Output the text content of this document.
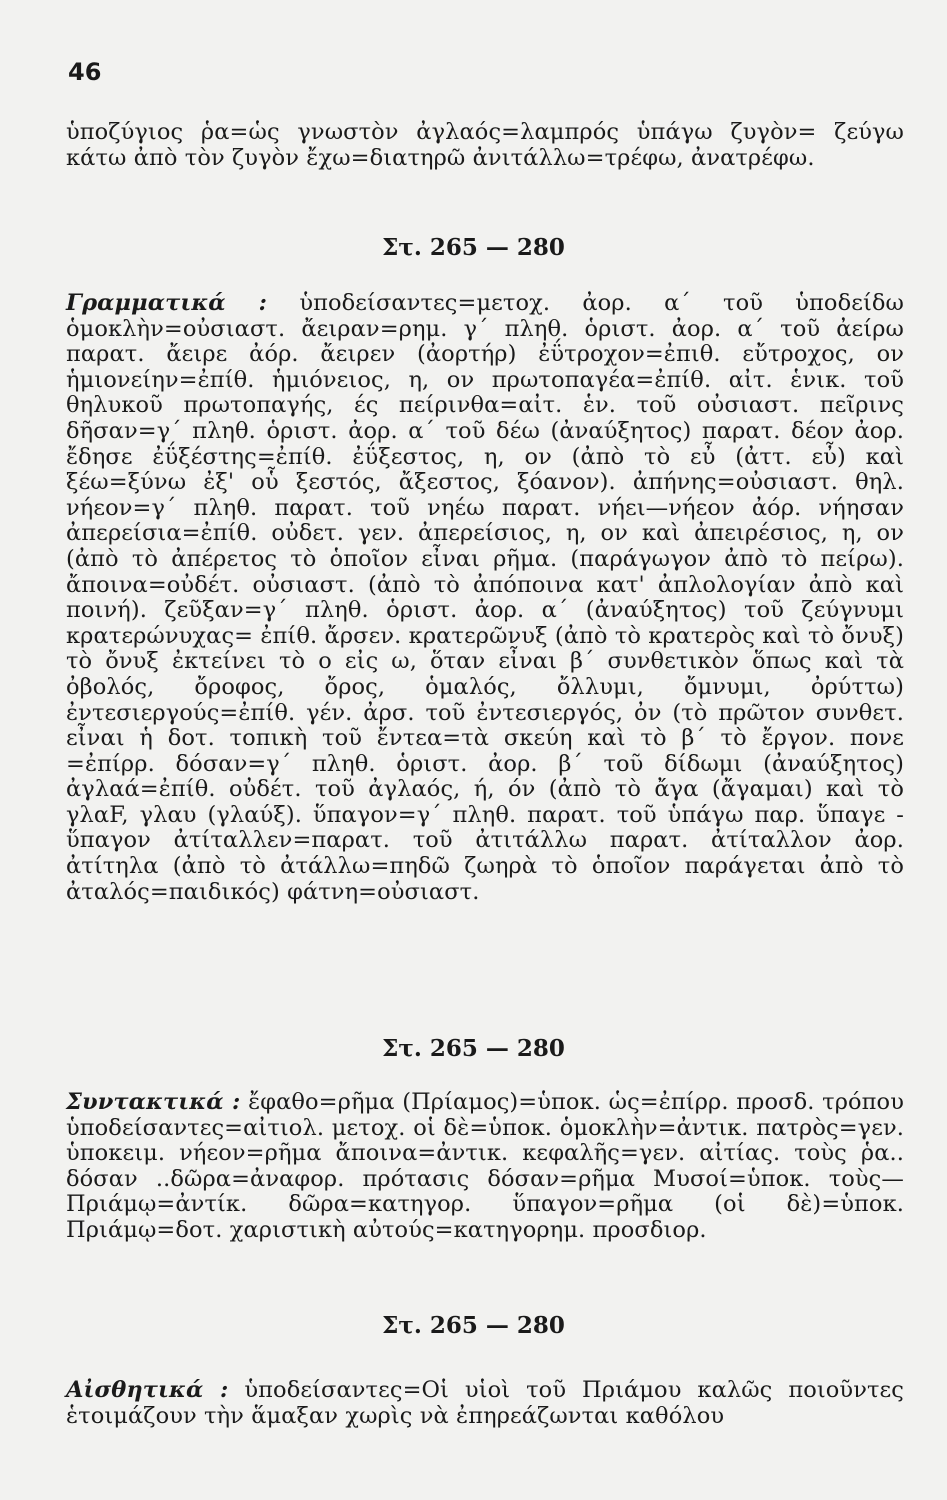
46
ὑποζύγιος ῥα=ὡς γνωστὸν ἀγλαός=λαμπρός ὑπάγω ζυγὸν= ζεύγω κάτω ἀπὸ τὸν ζυγὸν ἔχω=διατηρῶ ἀνιτάλλω=τρέφω, ἀνατρέφω.
Στ. 265 — 280
Γραμματικά : ὑποδείσαντες=μετοχ. ἀορ. α΄ τοῦ ὑποδείδω ὁμοκλὴν=οὐσιαστ. ἄειραν=ρημ. γ΄ πληθ. ὁριστ. ἀορ. α΄ τοῦ ἀείρω παρατ. ἄειρε ἀόρ. ἄειρεν (ἀορτήρ) ἐΰτροχον=ἐπιθ. εὔτροχος, ον ἡμιονείην=ἐπίθ. ἡμιόνειος, η, ον πρωτοπαγέα=ἐπίθ. αἰτ. ἑνικ. τοῦ θηλυκοῦ πρωτοπαγής, ές πείρινθα=αἰτ. ἑν. τοῦ οὐσιαστ. πεῖρινς δῆσαν=γ΄ πληθ. ὁριστ. ἀορ. α΄ τοῦ δέω (ἀναύξητος) παρατ. δέον ἀορ. ἔδησε ἐΰξέστης=ἐπίθ. ἐΰξεστος, η, ον (ἀπὸ τὸ εὖ (ἀττ. εὖ) καὶ ξέω=ξύνω ἐξ' οὗ ξεστός, ἄξεστος, ξόανον). ἀπήνης=οὐσιαστ. θηλ. νήεον=γ΄ πληθ. παρατ. τοῦ νηέω παρατ. νήει—νήεον ἀόρ. νήησαν ἀπερείσια=ἐπίθ. οὐδετ. γεν. ἀπερείσιος, η, ον καὶ ἀπειρέσιος, η, ον (ἀπὸ τὸ ἀπέρετος τὸ ὁποῖον εἶναι ρῆμα. (παράγωγον ἀπὸ τὸ πείρω). ἄποινα=οὐδέτ. οὐσιαστ. (ἀπὸ τὸ ἀπόποινα κατ' ἀπλολογίαν ἀπὸ καὶ ποινή). ζεῦξαν=γ΄ πληθ. ὁριστ. ἀορ. α΄ (ἀναύξητος) τοῦ ζεύγνυμι κρατερώνυχας= ἐπίθ. ἄρσεν. κρατερῶνυξ (ἀπὸ τὸ κρατερὸς καὶ τὸ ὄνυξ) τὸ ὄνυξ ἐκτείνει τὸ ο εἰς ω, ὅταν εἶναι β΄ συνθετικὸν ὅπως καὶ τὰ ὀβολός, ὄροφος, ὄρος, ὁμαλός, ὄλλυμι, ὄμνυμι, ὀρύττω) ἐντεσιεργούς=ἐπίθ. γέν. ἀρσ. τοῦ ἐντεσιεργός, ὀν (τὸ πρῶτον συνθετ. εἶναι ἡ δοτ. τοπικὴ τοῦ ἔντεα=τὰ σκεύη καὶ τὸ β΄ τὸ ἔργον. πονε =ἐπίρρ. δόσαν=γ΄ πληθ. ὁριστ. ἀορ. β΄ τοῦ δίδωμι (ἀναύξητος) ἀγλαά=ἐπίθ. οὐδέτ. τοῦ ἀγλαός, ή, όν (ἀπὸ τὸ ἄγα (ἄγαμαι) καὶ τὸ γλαF, γλαυ (γλαύξ). ὕπαγον=γ΄ πληθ. παρατ. τοῦ ὑπάγω παρ. ὕπαγε - ὕπαγον ἀτίταλλεν=παρατ. τοῦ ἀτιτάλλω παρατ. ἀτίταλλον ἀορ. ἀτίτηλα (ἀπὸ τὸ ἀτάλλω=πηδῶ ζωηρὰ τὸ ὁποῖον παράγεται ἀπὸ τὸ ἀταλός=παιδικός) φάτνη=οὐσιαστ.
Στ. 265 — 280
Συντακτικά : ἔφαθο=ρῆμα (Πρίαμος)=ὑποκ. ὡς=ἐπίρρ. προσδ. τρόπου ὑποδείσαντες=αἰτιολ. μετοχ. οἱ δὲ=ὑποκ. ὁμοκλὴν=ἀντικ. πατρὸς=γεν. ὑποκειμ. νήεον=ρῆμα ἄποινα=ἀντικ. κεφαλῆς=γεν. αἰτίας. τοὺς ῥα.. δόσαν ..δῶρα=ἀναφορ. πρότασις δόσαν=ρῆμα Μυσοί=ὑποκ. τοὺς—Πριάμῳ=ἀντίκ. δῶρα=κατηγορ. ὕπαγον=ρῆμα (οἱ δὲ)=ὑποκ. Πριάμῳ=δοτ. χαριστικὴ αὐτούς=κατηγορημ. προσδιορ.
Στ. 265 — 280
Αἰσθητικά : ὑποδείσαντες=Οἱ υἱοὶ τοῦ Πριάμου καλῶς ποιοῦντες ἑτοιμάζουν τὴν ἅμαξαν χωρὶς νὰ ἐπηρεάζωνται καθόλου
